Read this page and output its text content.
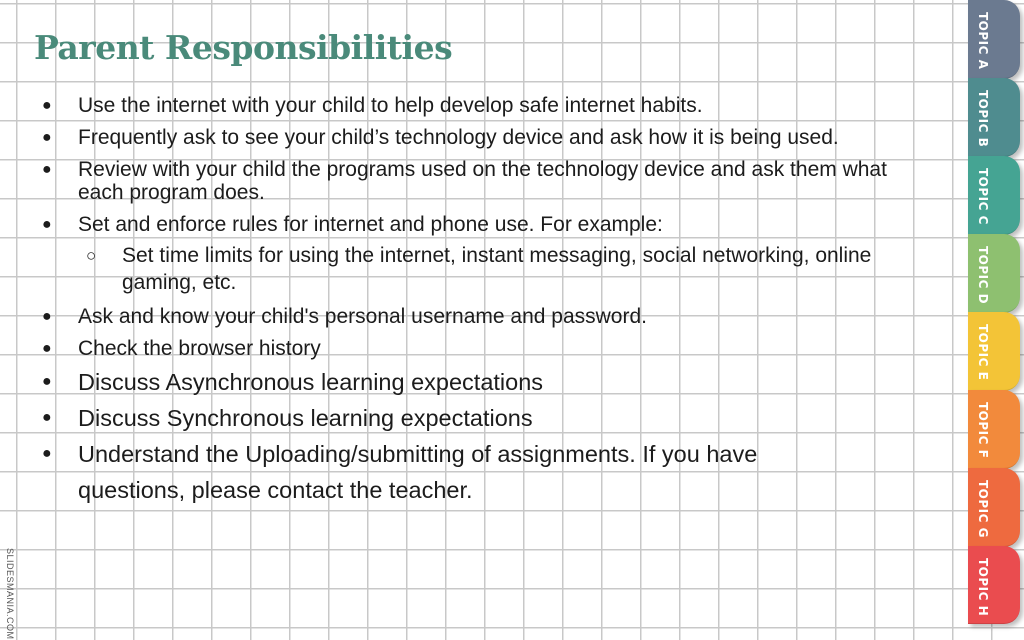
Parent Responsibilities
● Use the internet with your child to help develop safe internet habits.
● Frequently ask to see your child’s technology device and ask how it is being used.
● Review with your child the programs used on the technology device and ask them what each program does.
● Set and enforce rules for internet and phone use. For example:
○ Set time limits for using the internet, instant messaging, social networking, online gaming, etc.
● Ask and know your child's personal username and password.
● Check the browser history
● Discuss Asynchronous learning expectations
● Discuss Synchronous learning expectations
● Understand the Uploading/submitting of assignments. If you have questions, please contact the teacher.
SLIDESMANIA.COM
TOPIC A
TOPIC B
TOPIC C
TOPIC D
TOPIC E
TOPIC F
TOPIC G
TOPIC H
